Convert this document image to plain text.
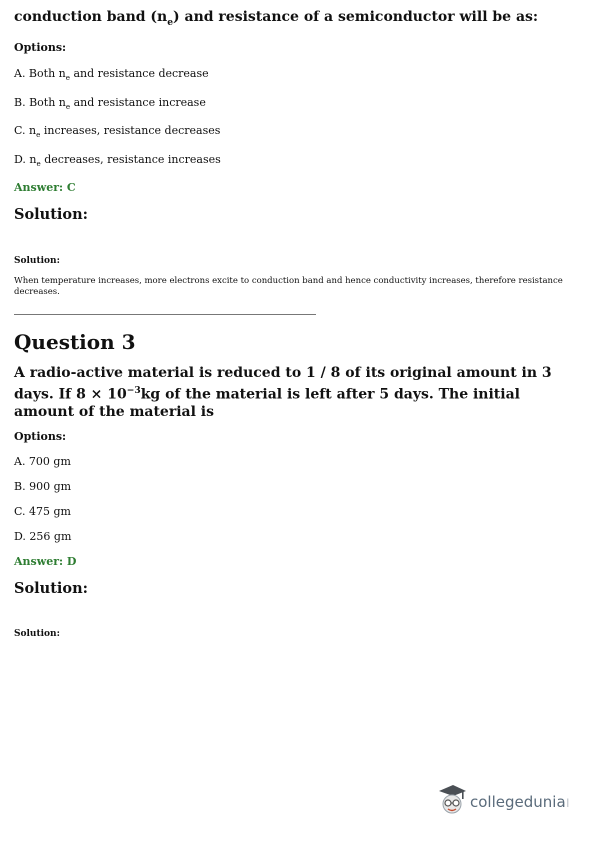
conduction band $(n_e)$ and resistance of a semiconductor will be as:
Options:
A. Both $n_e$ and resistance decrease
B. Both $n_e$ and resistance increase
C. $n_e$ increases, resistance decreases
D. $n_e$ decreases, resistance increases
Answer: C
Solution:
Solution:
When temperature increases, more electrons excite to conduction band and hence conductivity increases, therefore resistance decreases.
Question 3
A radio-active material is reduced to 1 / 8 of its original amount in 3 days. If $8 \times 10^{-3}kg$ of the material is left after 5 days. The initial amount of the material is
Options:
A. 700 gm
B. 900 gm
C. 475 gm
D. 256 gm
Answer: D
Solution:
Solution:
collegedunia ı
